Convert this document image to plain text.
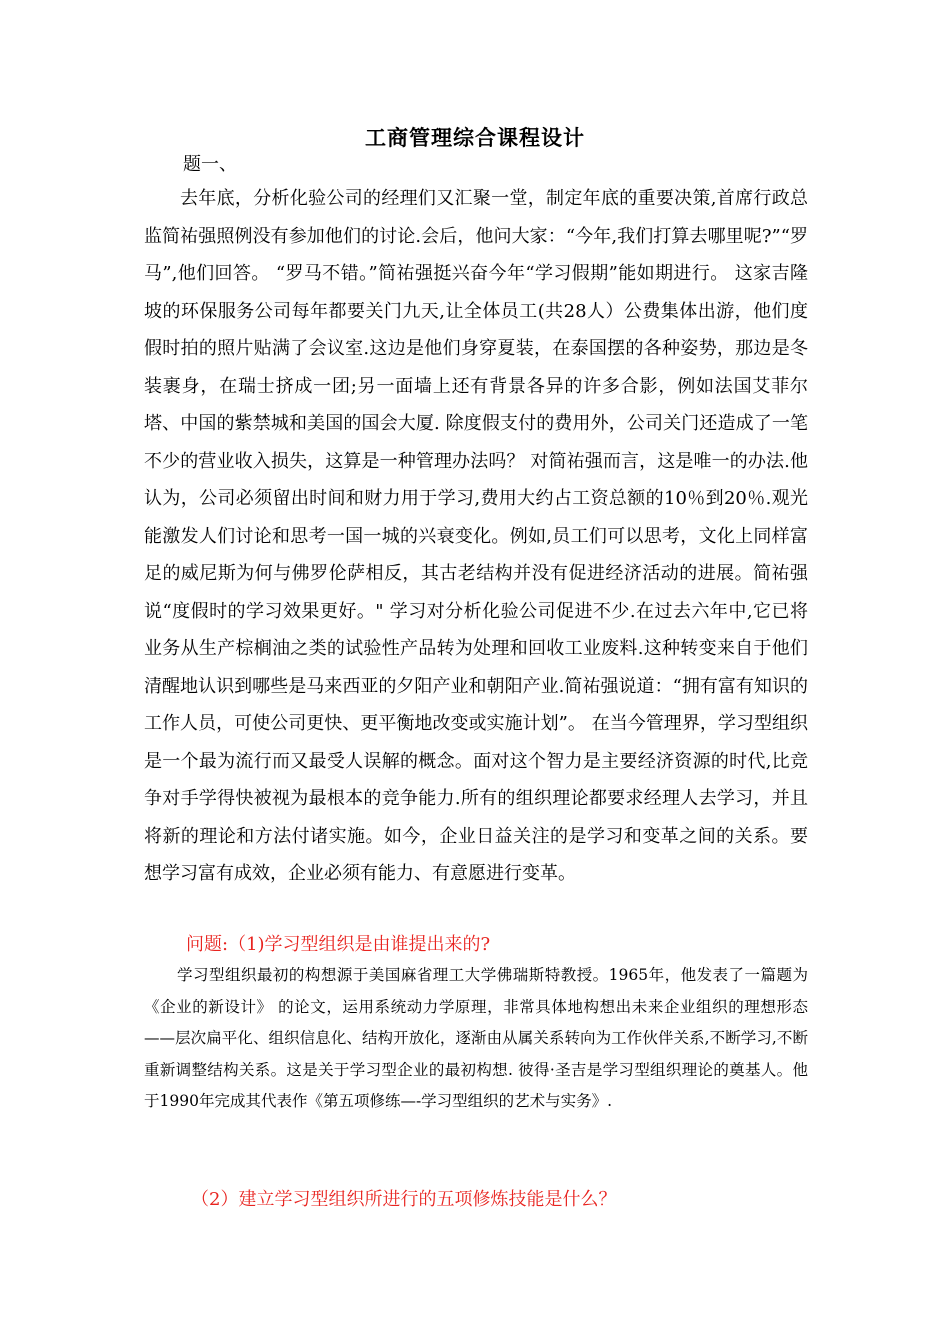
工商管理综合课程设计
题一、
去年底，分析化验公司的经理们又汇聚一堂，制定年底的重要决策,首席行政总监简祐强照例没有参加他们的讨论.会后，他问大家：“今年,我们打算去哪里呢?”“罗马”,他们回答。 “罗马不错。”简祐强挺兴奋今年“学习假期”能如期进行。 这家吉隆坡的环保服务公司每年都要关门九天,让全体员工(共28人）公费集体出游，他们度假时拍的照片贴满了会议室.这边是他们身穿夏装，在泰国摆的各种姿势，那边是冬装裹身，在瑞士挤成一团;另一面墙上还有背景各异的许多合影，例如法国艾菲尔塔、中国的紫禁城和美国的国会大厦. 除度假支付的费用外，公司关门还造成了一笔不少的营业收入损失，这算是一种管理办法吗？ 对简祐强而言，这是唯一的办法.他认为，公司必须留出时间和财力用于学习,费用大约占工资总额的10％到20％.观光能激发人们讨论和思考一国一城的兴衰变化。例如,员工们可以思考，文化上同样富足的威尼斯为何与佛罗伦萨相反，其古老结构并没有促进经济活动的进展。简祐强说“度假时的学习效果更好。" 学习对分析化验公司促进不少.在过去六年中,它已将业务从生产棕榈油之类的试验性产品转为处理和回收工业废料.这种转变来自于他们清醒地认识到哪些是马来西亚的夕阳产业和朝阳产业.简祐强说道：“拥有富有知识的工作人员，可使公司更快、更平衡地改变或实施计划”。 在当今管理界，学习型组织是一个最为流行而又最受人误解的概念。面对这个智力是主要经济资源的时代,比竞争对手学得快被视为最根本的竞争能力.所有的组织理论都要求经理人去学习，并且将新的理论和方法付诸实施。如今，企业日益关注的是学习和变革之间的关系。要想学习富有成效，企业必须有能力、有意愿进行变革。
问题:（1)学习型组织是由谁提出来的?
学习型组织最初的构想源于美国麻省理工大学佛瑞斯特教授。1965年，他发表了一篇题为《企业的新设计》 的论文，运用系统动力学原理，非常具体地构想出未来企业组织的理想形态——层次扁平化、组织信息化、结构开放化，逐渐由从属关系转向为工作伙伴关系,不断学习,不断重新调整结构关系。这是关于学习型企业的最初构想. 彼得·圣吉是学习型组织理论的奠基人。他于1990年完成其代表作《第五项修练—-学习型组织的艺术与实务》.
（2）建立学习型组织所进行的五项修炼技能是什么？
